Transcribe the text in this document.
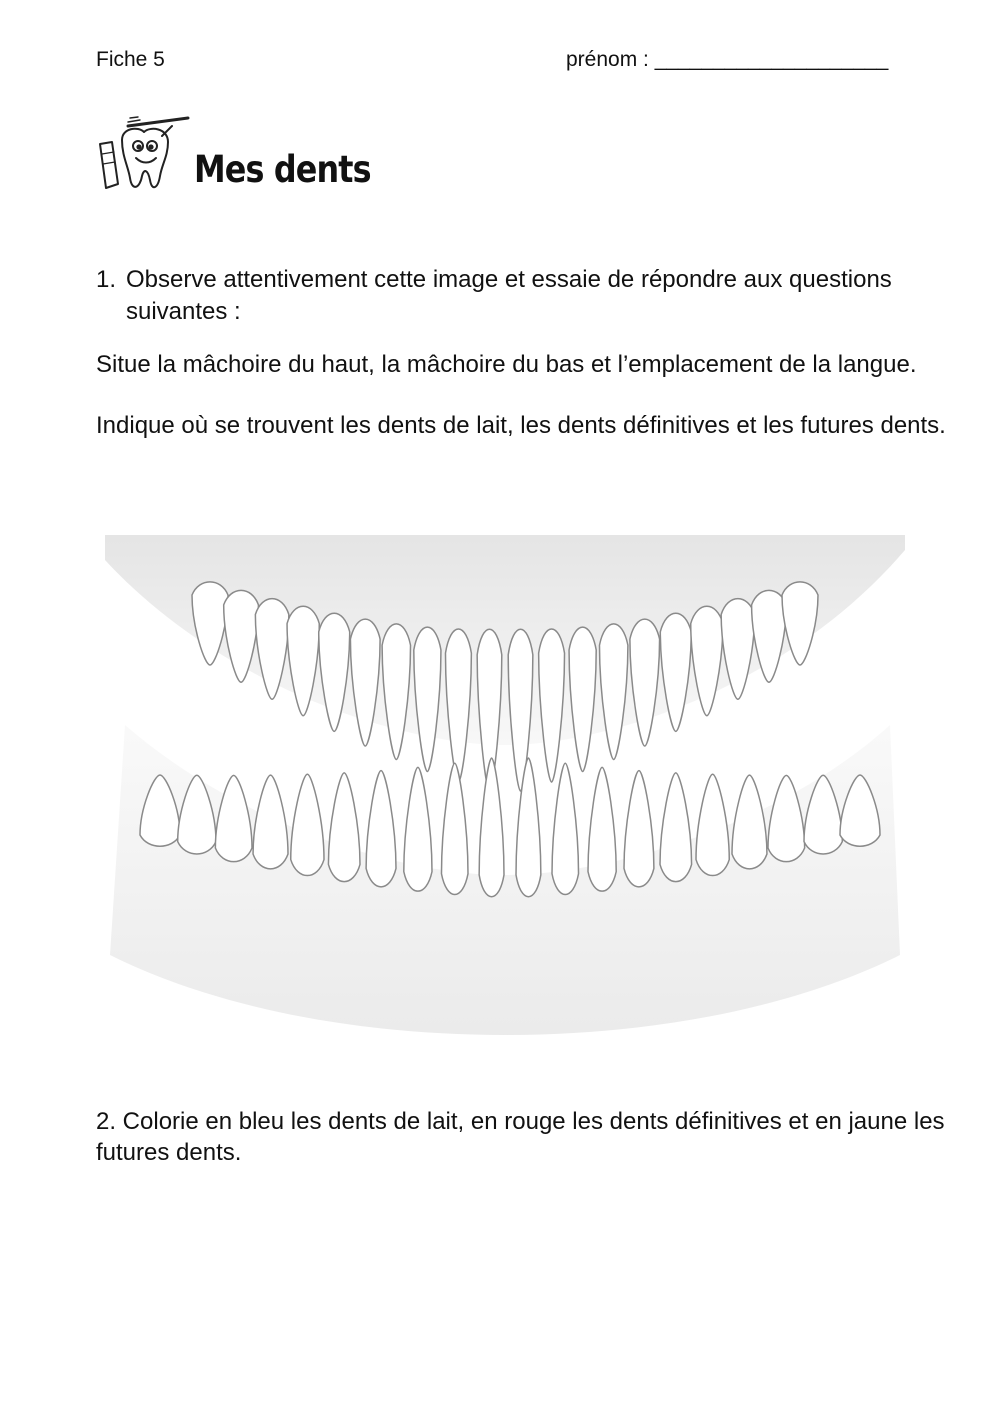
Fiche 5	prénom : ____________________
Mes dents
1. Observe attentivement cette image et essaie de répondre aux questions suivantes :
Situe la mâchoire du haut, la mâchoire du bas et l’emplacement de la langue.
Indique où se trouvent les dents de lait, les dents définitives et les futures dents.
2. Colorie en bleu les dents de lait, en rouge les dents définitives et en jaune les futures dents.
